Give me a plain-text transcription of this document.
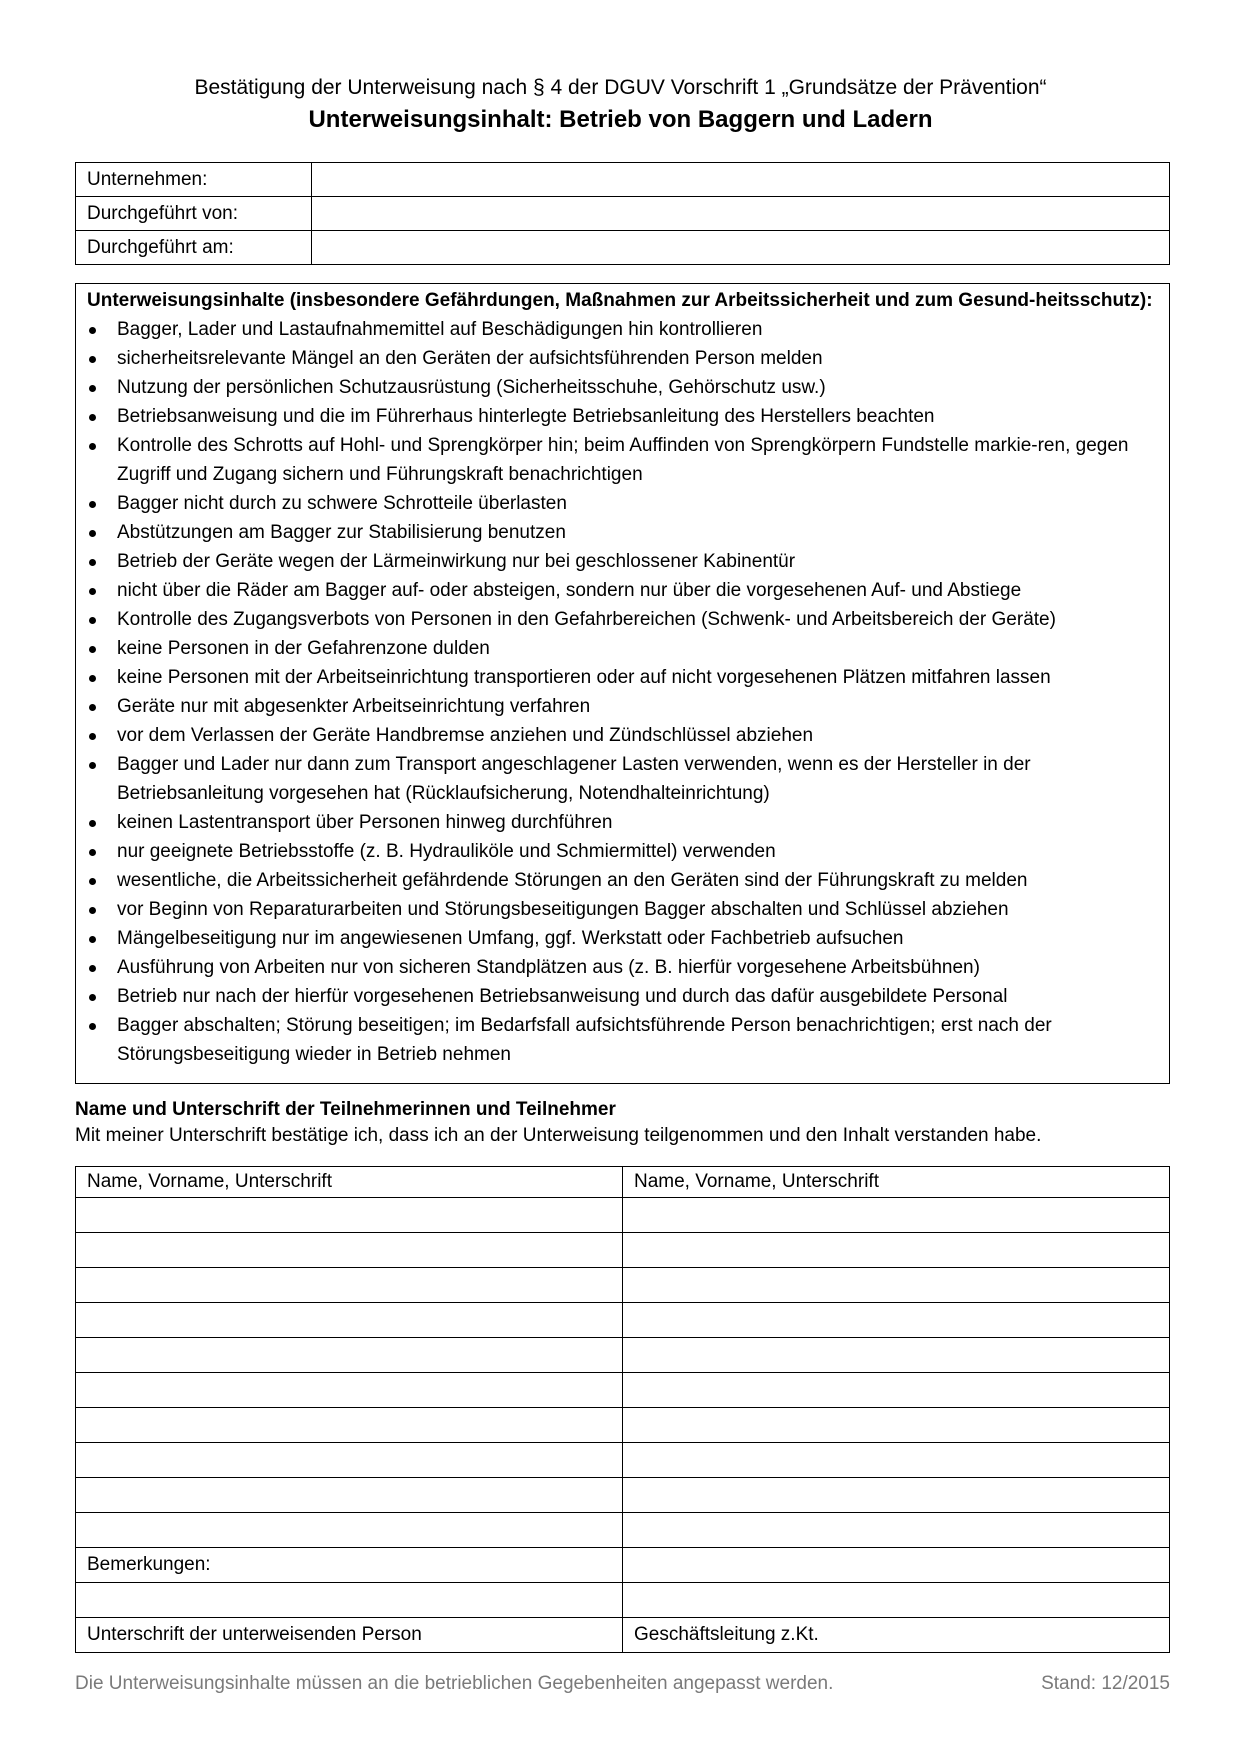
Bestätigung der Unterweisung nach § 4 der DGUV Vorschrift 1 „Grundsätze der Prävention“
Unterweisungsinhalt: Betrieb von Baggern und Ladern
Unternehmen:	
Durchgeführt von:	
Durchgeführt am:	
Unterweisungsinhalte (insbesondere Gefährdungen, Maßnahmen zur Arbeitssicherheit und zum Gesund-heitsschutz):
Bagger, Lader und Lastaufnahmemittel auf Beschädigungen hin kontrollieren
sicherheitsrelevante Mängel an den Geräten der aufsichtsführenden Person melden
Nutzung der persönlichen Schutzausrüstung (Sicherheitsschuhe, Gehörschutz usw.)
Betriebsanweisung und die im Führerhaus hinterlegte Betriebsanleitung des Herstellers beachten
Kontrolle des Schrotts auf Hohl- und Sprengkörper hin; beim Auffinden von Sprengkörpern Fundstelle markie-ren, gegen Zugriff und Zugang sichern und Führungskraft benachrichtigen
Bagger nicht durch zu schwere Schrotteile überlasten
Abstützungen am Bagger zur Stabilisierung benutzen
Betrieb der Geräte wegen der Lärmeinwirkung nur bei geschlossener Kabinentür
nicht über die Räder am Bagger auf- oder absteigen, sondern nur über die vorgesehenen Auf- und Abstiege
Kontrolle des Zugangsverbots von Personen in den Gefahrbereichen (Schwenk- und Arbeitsbereich der Geräte)
keine Personen in der Gefahrenzone dulden
keine Personen mit der Arbeitseinrichtung transportieren oder auf nicht vorgesehenen Plätzen mitfahren lassen
Geräte nur mit abgesenkter Arbeitseinrichtung verfahren
vor dem Verlassen der Geräte Handbremse anziehen und Zündschlüssel abziehen
Bagger und Lader nur dann zum Transport angeschlagener Lasten verwenden, wenn es der Hersteller in der Betriebsanleitung vorgesehen hat (Rücklaufsicherung, Notendhalteinrichtung)
keinen Lastentransport über Personen hinweg durchführen
nur geeignete Betriebsstoffe (z. B. Hydrauliköle und Schmiermittel) verwenden
wesentliche, die Arbeitssicherheit gefährdende Störungen an den Geräten sind der Führungskraft zu melden
vor Beginn von Reparaturarbeiten und Störungsbeseitigungen Bagger abschalten und Schlüssel abziehen
Mängelbeseitigung nur im angewiesenen Umfang, ggf. Werkstatt oder Fachbetrieb aufsuchen
Ausführung von Arbeiten nur von sicheren Standplätzen aus (z. B. hierfür vorgesehene Arbeitsbühnen)
Betrieb nur nach der hierfür vorgesehenen Betriebsanweisung und durch das dafür ausgebildete Personal
Bagger abschalten; Störung beseitigen; im Bedarfsfall aufsichtsführende Person benachrichtigen; erst nach der Störungsbeseitigung wieder in Betrieb nehmen
Name und Unterschrift der Teilnehmerinnen und Teilnehmer
Mit meiner Unterschrift bestätige ich, dass ich an der Unterweisung teilgenommen und den Inhalt verstanden habe.
Name, Vorname, Unterschrift	Name, Vorname, Unterschrift

Bemerkungen:	

Unterschrift der unterweisenden Person	Geschäftsleitung z.Kt.
Die Unterweisungsinhalte müssen an die betrieblichen Gegebenheiten angepasst werden.	Stand: 12/2015
